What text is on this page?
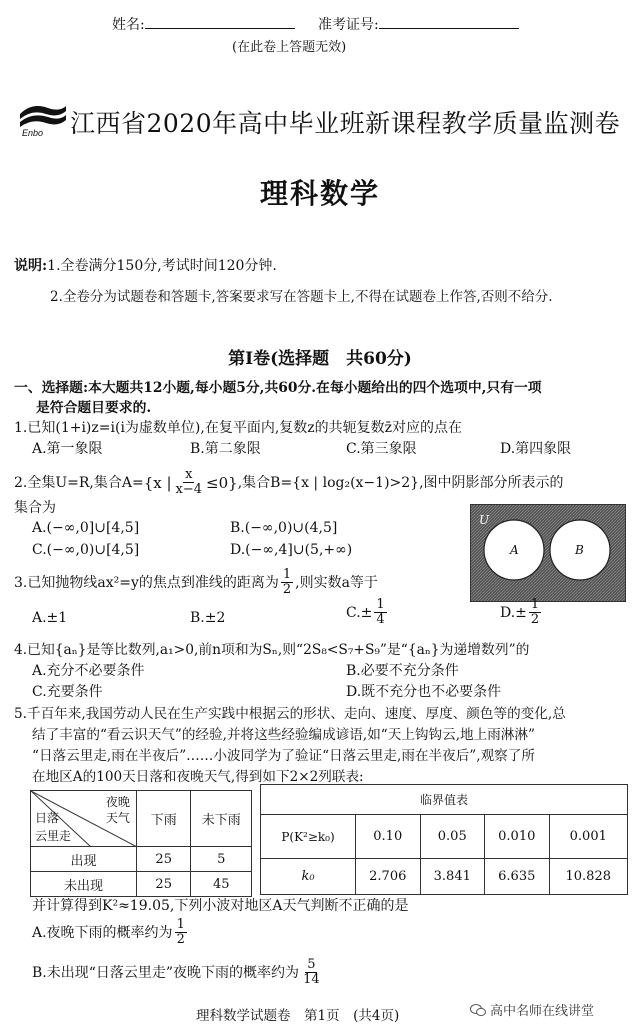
姓名:	准考证号:
(在此卷上答题无效)
Enbo 江西省2020年高中毕业班新课程教学质量监测卷
理科数学
说明:1.全卷满分150分,考试时间120分钟.
2.全卷分为试题卷和答题卡,答案要求写在答题卡上,不得在试题卷上作答,否则不给分.
第Ⅰ卷(选择题　共60分)
一、选择题:本大题共12小题,每小题5分,共60分.在每小题给出的四个选项中,只有一项
是符合题目要求的.
1.已知(1+i)z=i(i为虚数单位),在复平面内,复数z的共轭复数z̄对应的点在
A.第一象限	B.第二象限	C.第三象限	D.第四象限
2.全集U=R,集合A= {x | $\frac{x}{x-4} \le 0$} ,集合B={x | log₂(x−1)>2},图中阴影部分所表示的
集合为
A.(−∞,0]∪[4,5]	B.(−∞,0)∪(4,5]
C.(−∞,0)∪[4,5]	D.(−∞,4]∪(5,+∞)
U
A	B
3.已知抛物线ax²=y的焦点到准线的距离为 $\frac{1}{2}$ ,则实数a等于
A.±1	B.±2	$C.\pm \frac{1}{4}$	$D.\pm \frac{1}{2}$
4.已知{aₙ}是等比数列,a₁>0,前n项和为Sₙ,则“2S₈<S₇+S₉”是“{aₙ}为递增数列”的
A.充分不必要条件	B.必要不充分条件
C.充要条件	D.既不充分也不必要条件
5.千百年来,我国劳动人民在生产实践中根据云的形状、走向、速度、厚度、颜色等的变化,总
结了丰富的“看云识天气”的经验,并将这些经验编成谚语,如“天上钩钩云,地上雨淋淋”
“日落云里走,雨在半夜后”……小波同学为了验证“日落云里走,雨在半夜后”,观察了所
在地区A的100天日落和夜晚天气,得到如下2×2列联表:
夜晚
日落 天气
云里走	下雨	未下雨
出现	25	5
未出现	25	45
临界值表				
P(K²≥k₀)	0.10	0.05	0.010	0.001
k₀	2.706	3.841	6.635	10.828
并计算得到K²≈19.05,下列小波对地区A天气判断不正确的是
A.夜晚下雨的概率约为 $\frac{1}{2}$
B.未出现“日落云里走”夜晚下雨的概率约为 $\frac{5}{14}$
理科数学试题卷　第1页　(共4页)	高中名师在线讲堂
